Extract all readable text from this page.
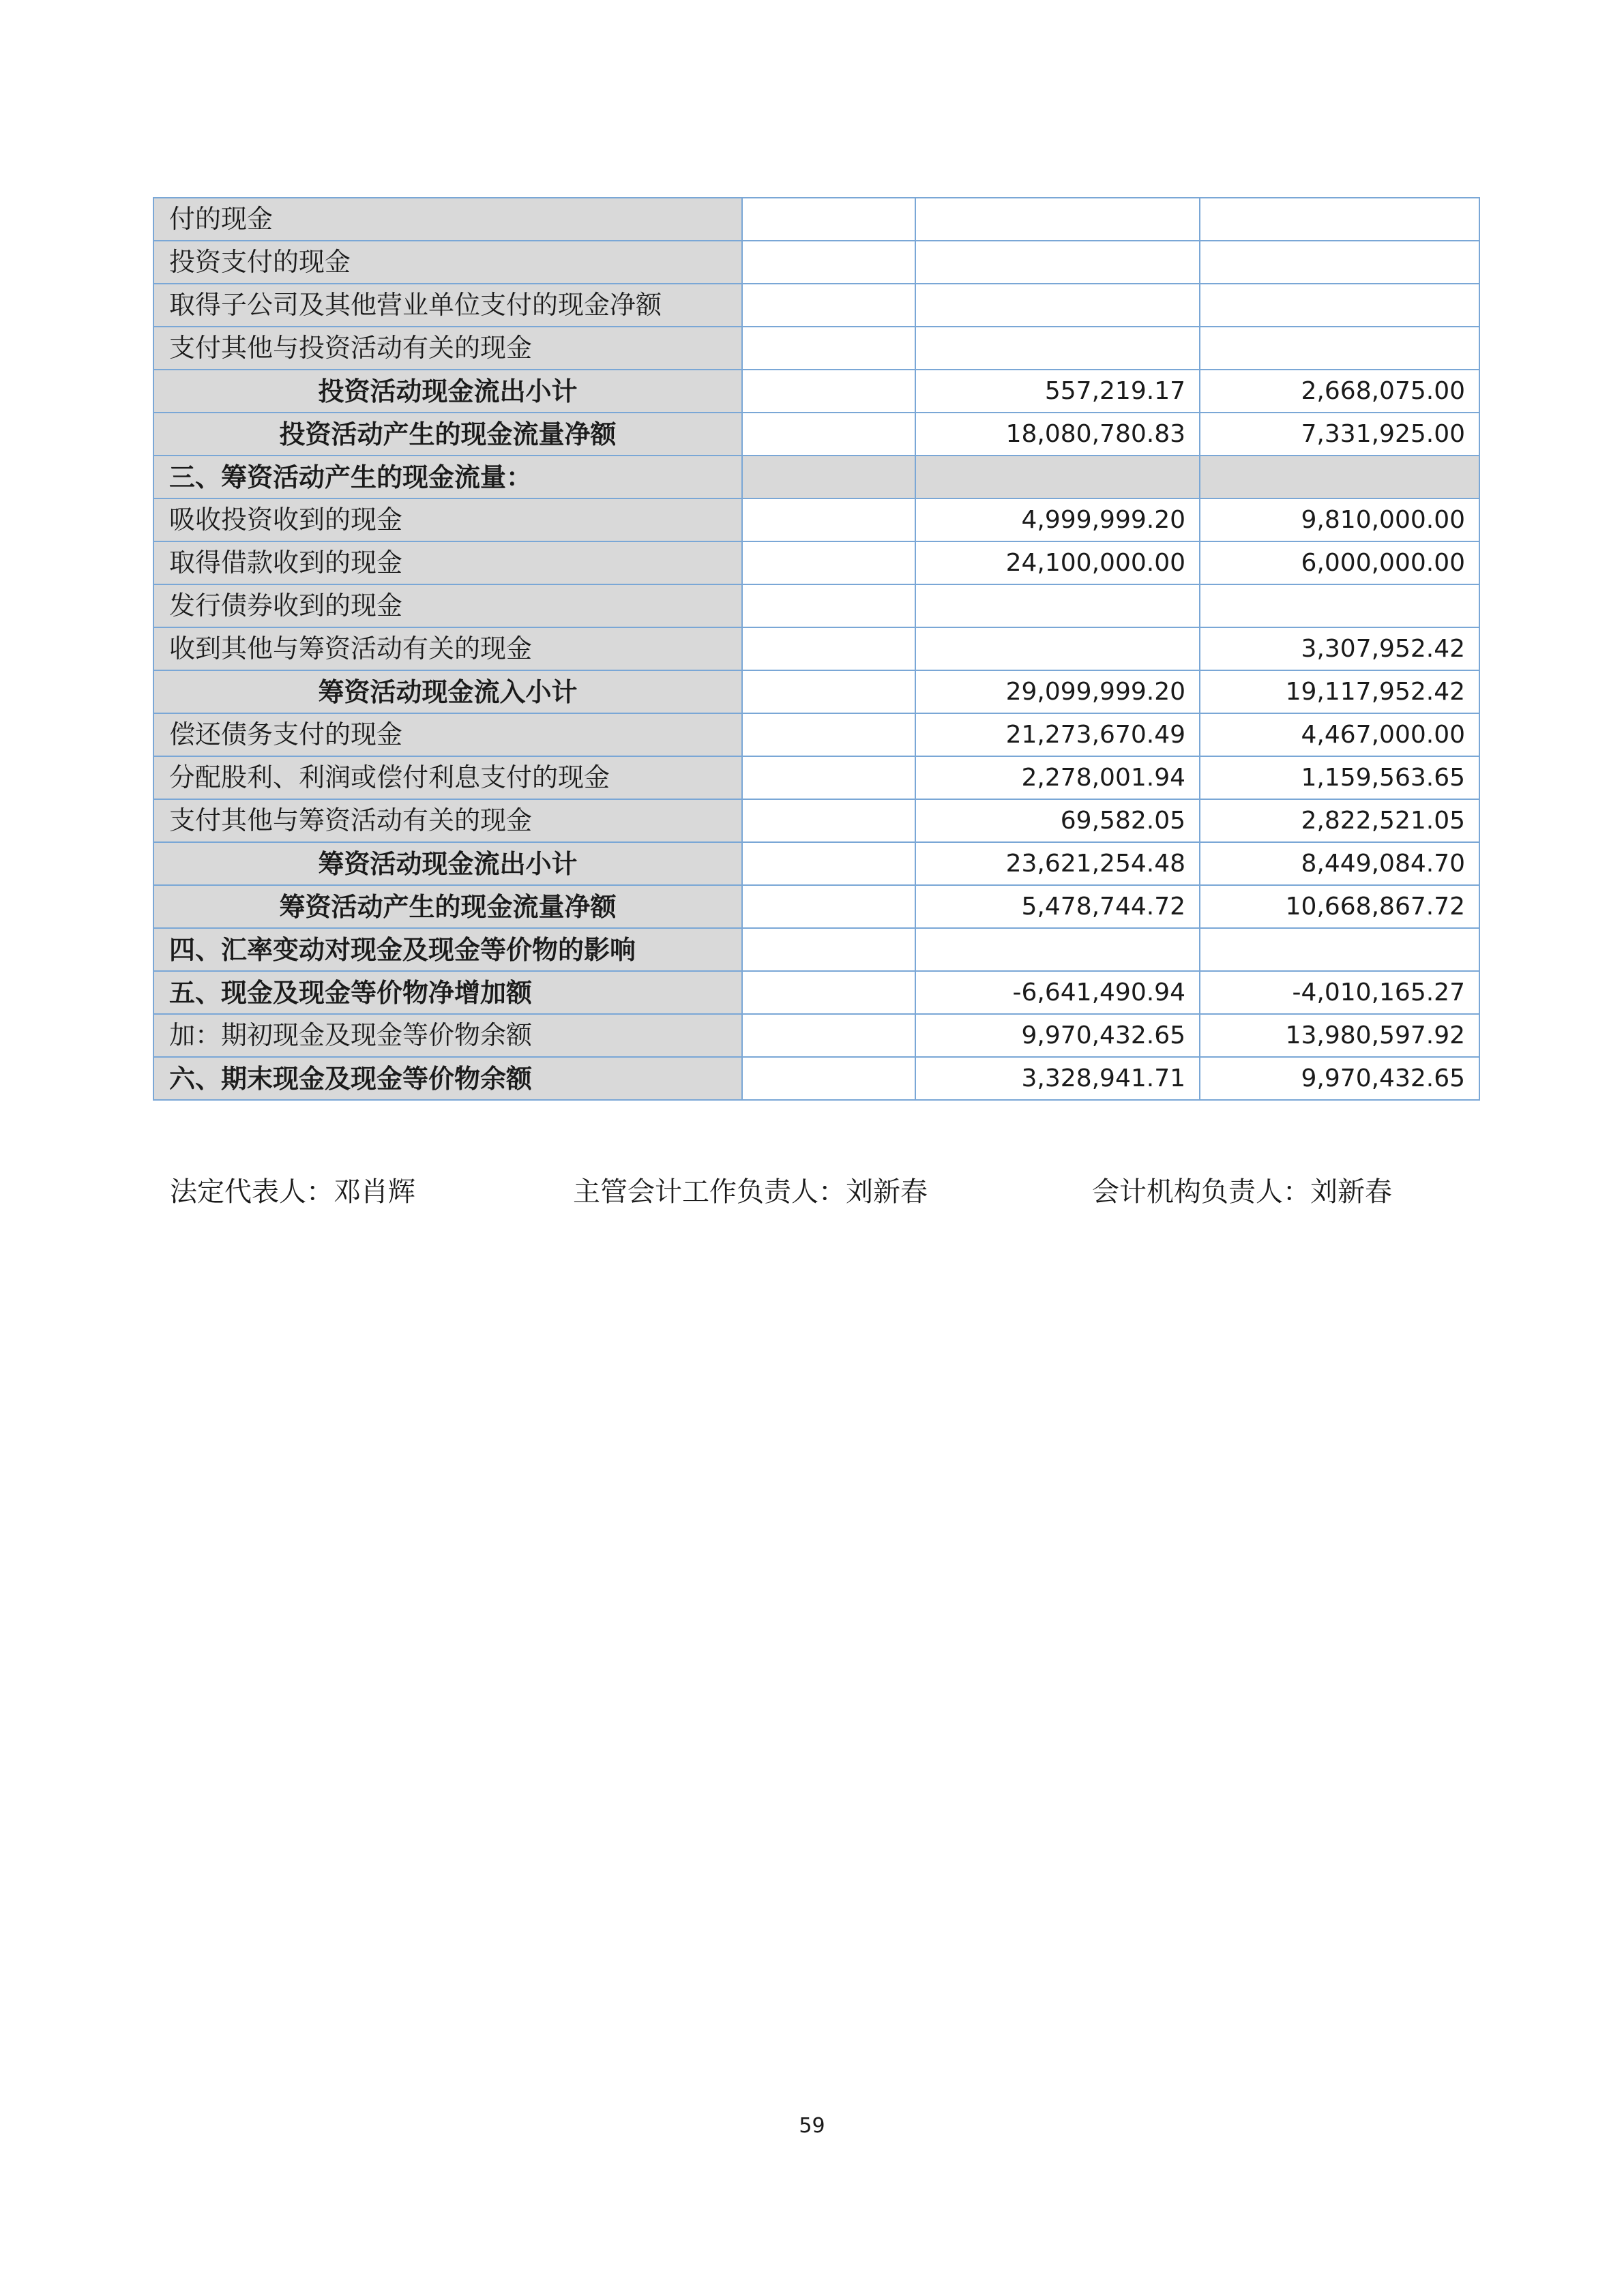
付的现金			
投资支付的现金			
取得子公司及其他营业单位支付的现金净额			
支付其他与投资活动有关的现金			
投资活动现金流出小计		557,219.17	2,668,075.00
投资活动产生的现金流量净额		18,080,780.83	7,331,925.00
三、筹资活动产生的现金流量：			
吸收投资收到的现金		4,999,999.20	9,810,000.00
取得借款收到的现金		24,100,000.00	6,000,000.00
发行债券收到的现金			
收到其他与筹资活动有关的现金			3,307,952.42
筹资活动现金流入小计		29,099,999.20	19,117,952.42
偿还债务支付的现金		21,273,670.49	4,467,000.00
分配股利、利润或偿付利息支付的现金		2,278,001.94	1,159,563.65
支付其他与筹资活动有关的现金		69,582.05	2,822,521.05
筹资活动现金流出小计		23,621,254.48	8,449,084.70
筹资活动产生的现金流量净额		5,478,744.72	10,668,867.72
四、汇率变动对现金及现金等价物的影响			
五、现金及现金等价物净增加额		-6,641,490.94	-4,010,165.27
加：期初现金及现金等价物余额		9,970,432.65	13,980,597.92
六、期末现金及现金等价物余额		3,328,941.71	9,970,432.65
法定代表人：邓肖辉	主管会计工作负责人：刘新春	会计机构负责人：刘新春
59
